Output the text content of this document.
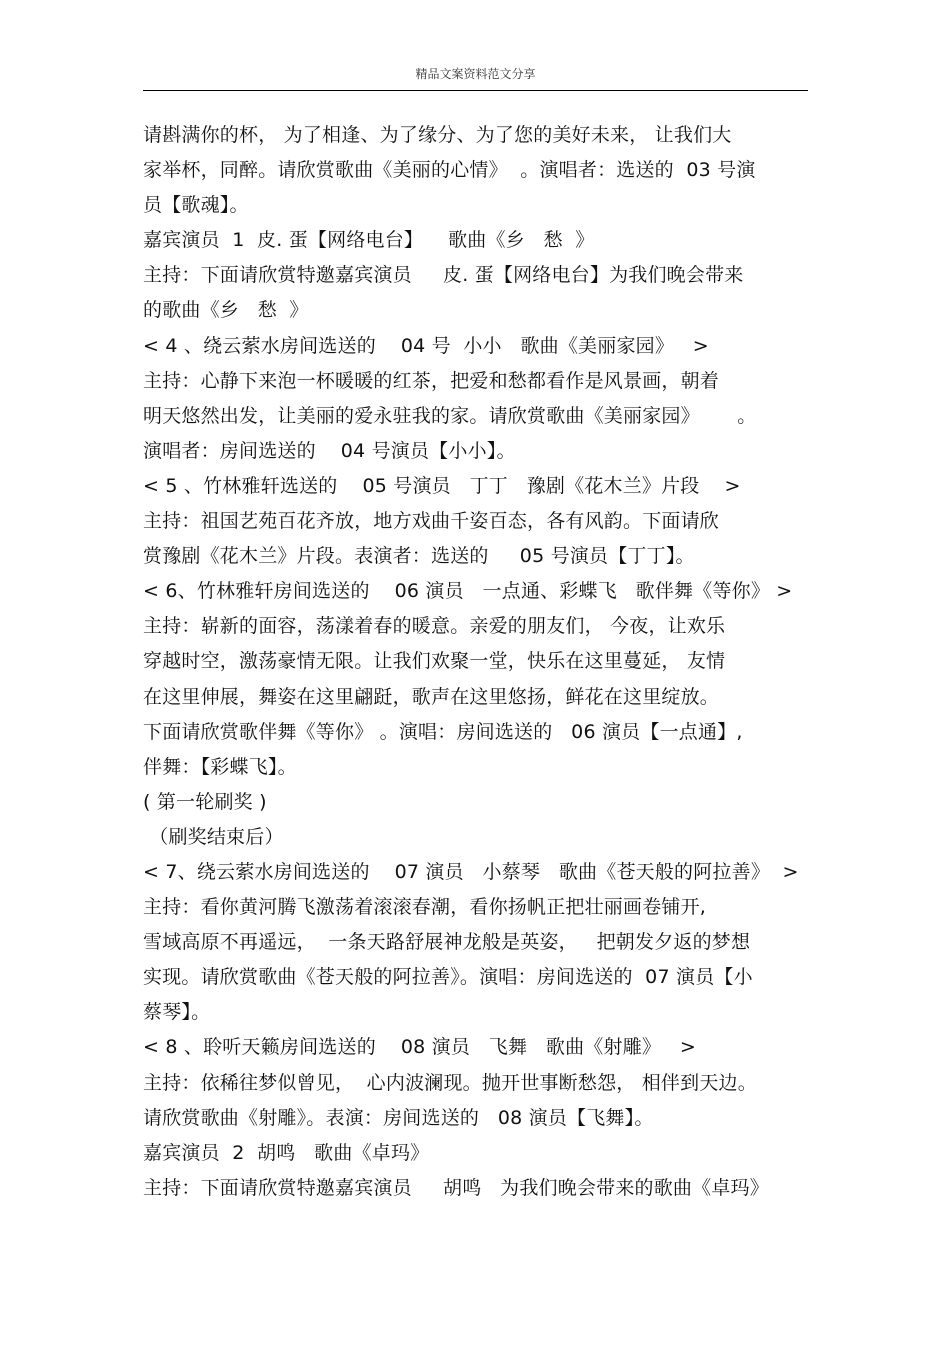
精品文案资料范文分享
请斟满你的杯， 为了相逢、为了缘分、为了您的美好未来， 让我们大
家举杯，同醉。请欣赏歌曲《美丽的心情》  。演唱者：选送的  03 号演
员【歌魂】。
嘉宾演员  1  皮. 蛋【网络电台】    歌曲《乡   愁  》
主持：下面请欣赏特邀嘉宾演员     皮. 蛋【网络电台】为我们晚会带来
的歌曲《乡   愁  》
< 4 、绕云萦水房间选送的    04 号  小小   歌曲《美丽家园》   >
主持：心静下来泡一杯暖暖的红茶，把爱和愁都看作是风景画，朝着
明天悠然出发，让美丽的爱永驻我的家。请欣赏歌曲《美丽家园》      。
演唱者：房间选送的    04 号演员【小小】。
< 5 、竹林雅轩选送的    05 号演员   丁丁   豫剧《花木兰》片段    >
主持：祖国艺苑百花齐放，地方戏曲千姿百态，各有风韵。下面请欣
赏豫剧《花木兰》片段。表演者：选送的     05 号演员【丁丁】。
< 6、竹林雅轩房间选送的    06 演员   一点通、彩蝶飞   歌伴舞《等你》 >
主持：崭新的面容，荡漾着春的暖意。亲爱的朋友们， 今夜，让欢乐
穿越时空，激荡豪情无限。让我们欢聚一堂，快乐在这里蔓延， 友情
在这里伸展，舞姿在这里翩跹，歌声在这里悠扬，鲜花在这里绽放。
下面请欣赏歌伴舞《等你》 。演唱：房间选送的   06 演员【一点通】,
伴舞：【彩蝶飞】。
( 第一轮刷奖 )
（刷奖结束后）
< 7、绕云萦水房间选送的    07 演员   小蔡琴   歌曲《苍天般的阿拉善》  >
主持：看你黄河腾飞激荡着滚滚春潮，看你扬帆正把壮丽画卷铺开,
雪域高原不再遥远，  一条天路舒展神龙般是英姿，   把朝发夕返的梦想
实现。请欣赏歌曲《苍天般的阿拉善》。演唱：房间选送的  07 演员【小
蔡琴】。
< 8 、聆听天籁房间选送的    08 演员   飞舞   歌曲《射雕》   >
主持：依稀往梦似曾见，  心内波澜现。抛开世事断愁怨， 相伴到天边。
请欣赏歌曲《射雕》。表演：房间选送的   08 演员【飞舞】。
嘉宾演员  2  胡鸣   歌曲《卓玛》
主持：下面请欣赏特邀嘉宾演员     胡鸣   为我们晚会带来的歌曲《卓玛》
